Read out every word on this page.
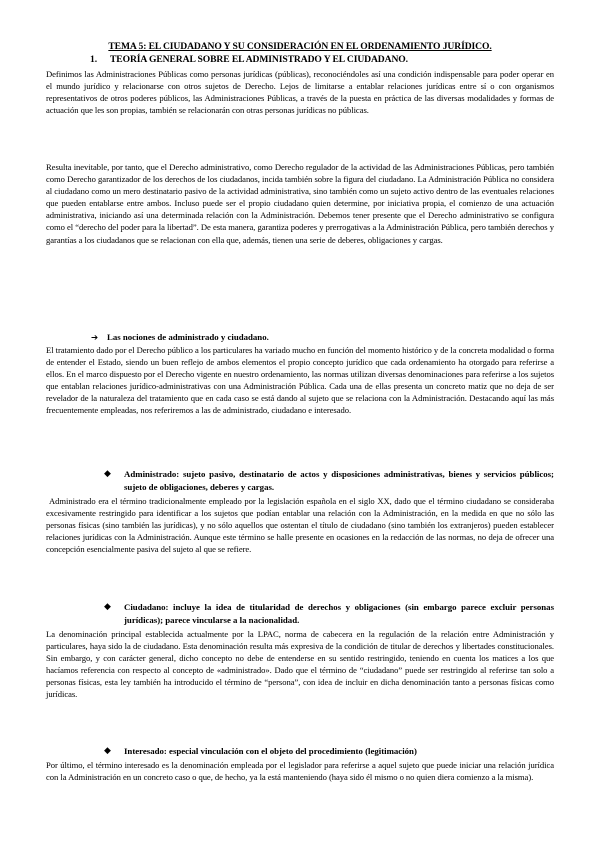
TEMA 5: EL CIUDADANO Y SU CONSIDERACIÓN EN EL ORDENAMIENTO JURÍDICO.
1. TEORÍA GENERAL SOBRE EL ADMINISTRADO Y EL CIUDADANO.

Definimos las Administraciones Públicas como personas jurídicas (públicas), reconociéndoles así una condición indispensable para poder operar en el mundo jurídico y relacionarse con otros sujetos de Derecho. Lejos de limitarse a entablar relaciones jurídicas entre sí o con organismos representativos de otros poderes públicos, las Administraciones Públicas, a través de la puesta en práctica de las diversas modalidades y formas de actuación que les son propias, también se relacionarán con otras personas jurídicas no públicas.

Resulta inevitable, por tanto, que el Derecho administrativo, como Derecho regulador de la actividad de las Administraciones Públicas, pero también como Derecho garantizador de los derechos de los ciudadanos, incida también sobre la figura del ciudadano. La Administración Pública no considera al ciudadano como un mero destinatario pasivo de la actividad administrativa, sino también como un sujeto activo dentro de las eventuales relaciones que pueden entablarse entre ambos. Incluso puede ser el propio ciudadano quien determine, por iniciativa propia, el comienzo de una actuación administrativa, iniciando así una determinada relación con la Administración. Debemos tener presente que el Derecho administrativo se configura como el “derecho del poder para la libertad”. De esta manera, garantiza poderes y prerrogativas a la Administración Pública, pero también derechos y garantías a los ciudadanos que se relacionan con ella que, además, tienen una serie de deberes, obligaciones y cargas.

➔ Las nociones de administrado y ciudadano.

El tratamiento dado por el Derecho público a los particulares ha variado mucho en función del momento histórico y de la concreta modalidad o forma de entender el Estado, siendo un buen reflejo de ambos elementos el propio concepto jurídico que cada ordenamiento ha otorgado para referirse a ellos. En el marco dispuesto por el Derecho vigente en nuestro ordenamiento, las normas utilizan diversas denominaciones para referirse a los sujetos que entablan relaciones jurídico-administrativas con una Administración Pública. Cada una de ellas presenta un concreto matiz que no deja de ser revelador de la naturaleza del tratamiento que en cada caso se está dando al sujeto que se relaciona con la Administración. Destacando aquí las más frecuentemente empleadas, nos referiremos a las de administrado, ciudadano e interesado.

◆ Administrado: sujeto pasivo, destinatario de actos y disposiciones administrativas, bienes y servicios públicos; sujeto de obligaciones, deberes y cargas.

Administrado era el término tradicionalmente empleado por la legislación española en el siglo XX, dado que el término ciudadano se consideraba excesivamente restringido para identificar a los sujetos que podían entablar una relación con la Administración, en la medida en que no sólo las personas físicas (sino también las jurídicas), y no sólo aquellos que ostentan el título de ciudadano (sino también los extranjeros) pueden establecer relaciones jurídicas con la Administración. Aunque este término se halle presente en ocasiones en la redacción de las normas, no deja de ofrecer una concepción esencialmente pasiva del sujeto al que se refiere.

◆ Ciudadano: incluye la idea de titularidad de derechos y obligaciones (sin embargo parece excluir personas jurídicas); parece vincularse a la nacionalidad.

La denominación principal establecida actualmente por la LPAC, norma de cabecera en la regulación de la relación entre Administración y particulares, haya sido la de ciudadano. Esta denominación resulta más expresiva de la condición de titular de derechos y libertades constitucionales. Sin embargo, y con carácter general, dicho concepto no debe de entenderse en su sentido restringido, teniendo en cuenta los matices a los que hacíamos referencia con respecto al concepto de «administrado». Dado que el término de “ciudadano” puede ser restringido al referirse tan solo a personas físicas, esta ley también ha introducido el término de “persona”, con idea de incluir en dicha denominación tanto a personas físicas como jurídicas.

◆ Interesado: especial vinculación con el objeto del procedimiento (legitimación)

Por último, el término interesado es la denominación empleada por el legislador para referirse a aquel sujeto que puede iniciar una relación jurídica con la Administración en un concreto caso o que, de hecho, ya la está manteniendo (haya sido él mismo o no quien diera comienzo a la misma).
